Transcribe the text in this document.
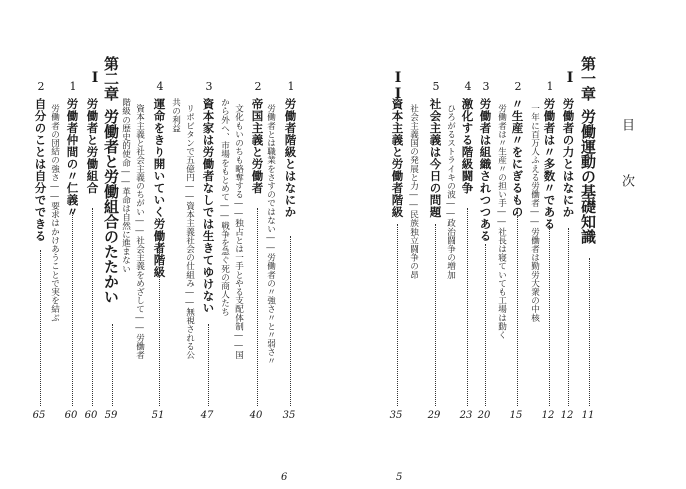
目 次
第一章労働運動の基礎知識
11
I
労働者の力とはなにか
12
1
労働者は〃多数〃である
12
一年に百万人ふえる労働者――労働者は勤労大衆の中核
2
〃生産〃をにぎるもの
15
労働者は〃生産〃の担い手――社長は寝ていても工場は動く
3
労働者は組織されつつある
20
4
激化する階級闘争
23
ひろがるストライキの波――政治闘争の増加
5
社会主義は今日の問題
29
社会主義国の発展と力――民族独立闘争の昂
II
資本主義と労働者階級
35
5
1
労働者階級とはなにか
35
労働者とは職業をさすのではない――労働者の〃強さ〃と〃弱さ〃
2
帝国主義と労働者
40
文化もいのちも略奪する――独占とは一手とやる支配体制――国
から外へ、市場をもとめて――戦争を急ぐ死の商人たち
3
資本家は労働者なしでは生きてゆけない
47
リポビタンで五億円――資本主義社会の仕組み――無視される公
共の利益
4
運命をきり開いていく労働者階級
51
資本主義と社会主義のちがい――社会主義をめざして――労働者
階級の歴史的使命――革命は自然に進まない
第二章労働者と労働組合のたたかい
59
I
労働者と労働組合
60
1
労働者仲間の〃仁義〃
60
労働者の団結の強さ――要求はかけあうことで実を結ぶ
2
自分のことは自分でできる
65
6
